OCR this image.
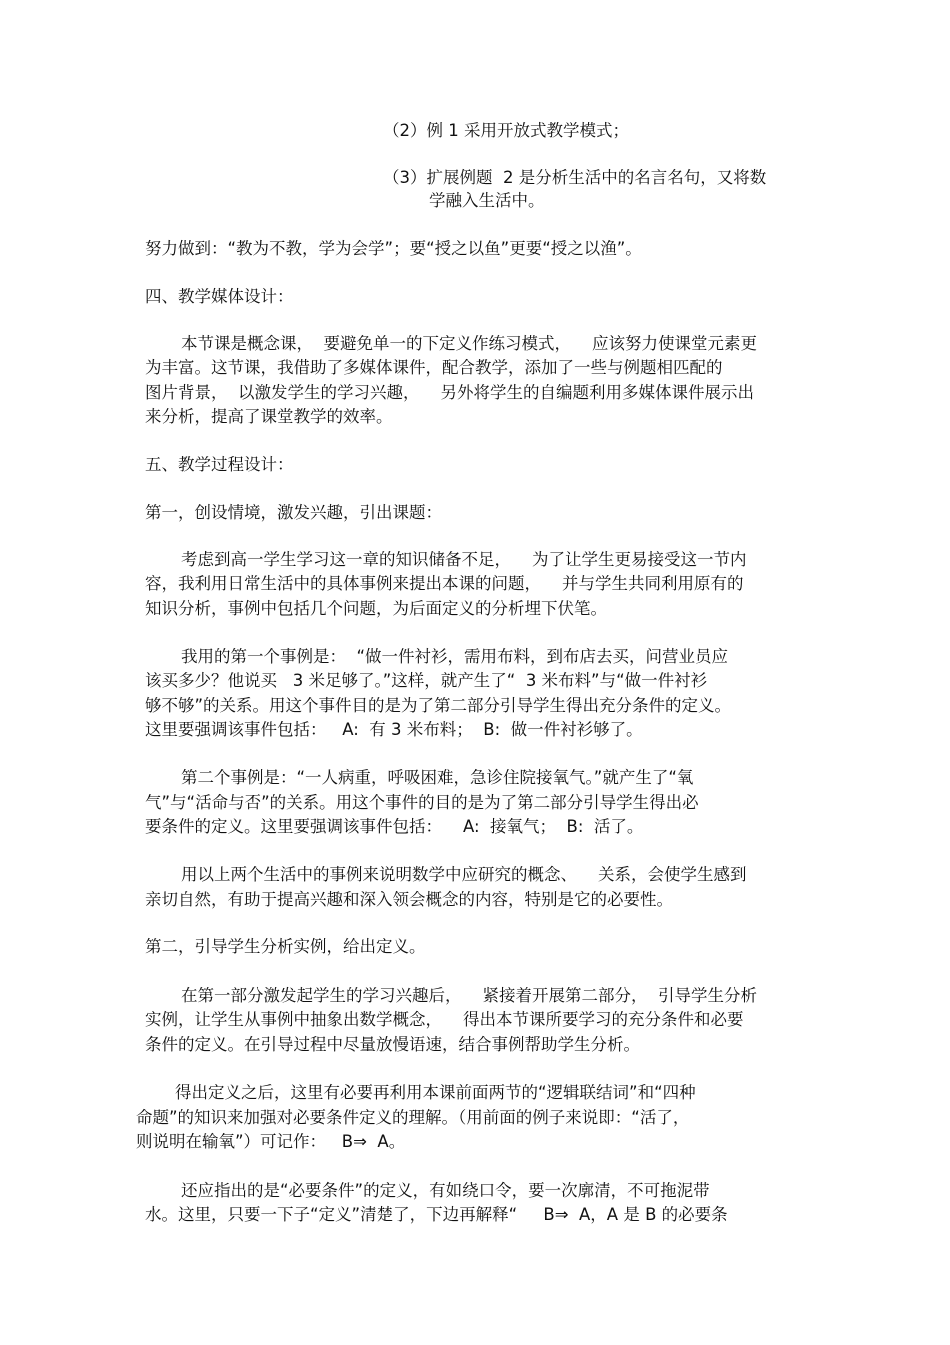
（2）例 1 采用开放式教学模式；
（3）扩展例题  2 是分析生活中的名言名句，又将数
学融入生活中。
努力做到：“教为不教，学为会学”；要“授之以鱼”更要“授之以渔”。
四、教学媒体设计：
本节课是概念课，  要避免单一的下定义作练习模式，    应该努力使课堂元素更
为丰富。这节课，我借助了多媒体课件，配合教学，添加了一些与例题相匹配的
图片背景，  以激发学生的学习兴趣，    另外将学生的自编题利用多媒体课件展示出
来分析，提高了课堂教学的效率。
五、教学过程设计：
第一，创设情境，激发兴趣，引出课题：
考虑到高一学生学习这一章的知识储备不足，    为了让学生更易接受这一节内
容，我利用日常生活中的具体事例来提出本课的问题，    并与学生共同利用原有的
知识分析，事例中包括几个问题，为后面定义的分析埋下伏笔。
我用的第一个事例是：  “做一件衬衫，需用布料，到布店去买，问营业员应
该买多少？他说买   3 米足够了。”这样，就产生了“  3 米布料”与“做一件衬衫
够不够”的关系。用这个事件目的是为了第二部分引导学生得出充分条件的定义。
这里要强调该事件包括：   A:  有 3 米布料；  B:  做一件衬衫够了。
第二个事例是：“一人病重，呼吸困难，急诊住院接氧气。”就产生了“氧
气”与“活命与否”的关系。用这个事件的目的是为了第二部分引导学生得出必
要条件的定义。这里要强调该事件包括：    A:  接氧气；  B:  活了。
用以上两个生活中的事例来说明数学中应研究的概念、    关系，会使学生感到
亲切自然，有助于提高兴趣和深入领会概念的内容，特别是它的必要性。
第二，引导学生分析实例，给出定义。
在第一部分激发起学生的学习兴趣后，    紧接着开展第二部分，  引导学生分析
实例，让学生从事例中抽象出数学概念，    得出本节课所要学习的充分条件和必要
条件的定义。在引导过程中尽量放慢语速，结合事例帮助学生分析。
得出定义之后，这里有必要再利用本课前面两节的“逻辑联结词”和“四种
命题”的知识来加强对必要条件定义的理解。（用前面的例子来说即：“活了，
则说明在输氧”）可记作：   B⇒  A。
还应指出的是“必要条件”的定义，有如绕口令，要一次廓清，不可拖泥带
水。这里，只要一下子“定义”清楚了，下边再解释“     B⇒  A，A 是 B 的必要条
